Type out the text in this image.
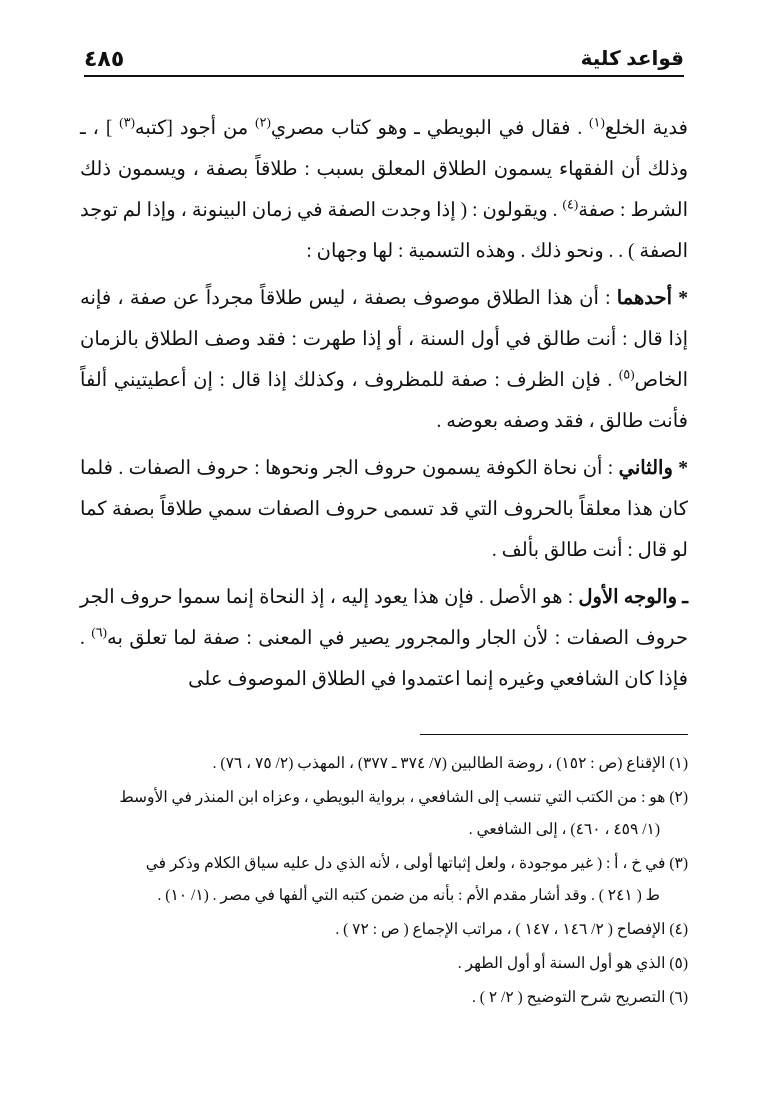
٤٨٥	قواعد كلية

فدية الخلع$^{(١)}$ . فقال في البويطي ـ وهو كتاب مصري$^{(٢)}$ من أجود [كتبه$^{(٣)}$ ] ، ـ وذلك أن الفقهاء يسمون الطلاق المعلق بسبب : طلاقاً بصفة ، ويسمون ذلك الشرط : صفة$^{(٤)}$ . ويقولون : ( إذا وجدت الصفة في زمان البينونة ، وإذا لم توجد الصفة ) . . ونحو ذلك . وهذه التسمية : لها وجهان :

* أحدهما : أن هذا الطلاق موصوف بصفة ، ليس طلاقاً مجرداً عن صفة ، فإنه إذا قال : أنت طالق في أول السنة ، أو إذا طهرت : فقد وصف الطلاق بالزمان الخاص$^{(٥)}$ . فإن الظرف : صفة للمظروف ، وكذلك إذا قال : إن أعطيتيني ألفاً فأنت طالق ، فقد وصفه بعوضه .

* والثاني : أن نحاة الكوفة يسمون حروف الجر ونحوها : حروف الصفات . فلما كان هذا معلقاً بالحروف التي قد تسمى حروف الصفات سمي طلاقاً بصفة كما لو قال : أنت طالق بألف .

ـ والوجه الأول : هو الأصل . فإن هذا يعود إليه ، إذ النحاة إنما سموا حروف الجر حروف الصفات : لأن الجار والمجرور يصير في المعنى : صفة لما تعلق به$^{(٦)}$ . فإذا كان الشافعي وغيره إنما اعتمدوا في الطلاق الموصوف على

(١) الإقناع (ص : ١٥٢) ، روضة الطالبين (٧/ ٣٧٤ ـ ٣٧٧) ، المهذب (٢/ ٧٥ ، ٧٦) .

(٢) هو : من الكتب التي تنسب إلى الشافعي ، برواية البويطي ، وعزاه ابن المنذر في الأوسط
(١/ ٤٥٩ ، ٤٦٠) ، إلى الشافعي .

(٣) في خ ، أ : ( غير موجودة ، ولعل إثباتها أولى ، لأنه الذي دل عليه سياق الكلام وذكر في
ط ( ٢٤١ ) . وقد أشار مقدم الأم : بأنه من ضمن كتبه التي ألفها في مصر . (١/ ١٠) .

(٤) الإفصاح ( ٢/ ١٤٦ ، ١٤٧ ) ، مراتب الإجماع ( ص : ٧٢ ) .

(٥) الذي هو أول السنة أو أول الطهر .

(٦) التصريح شرح التوضيح ( ٢/ ٢ ) .
